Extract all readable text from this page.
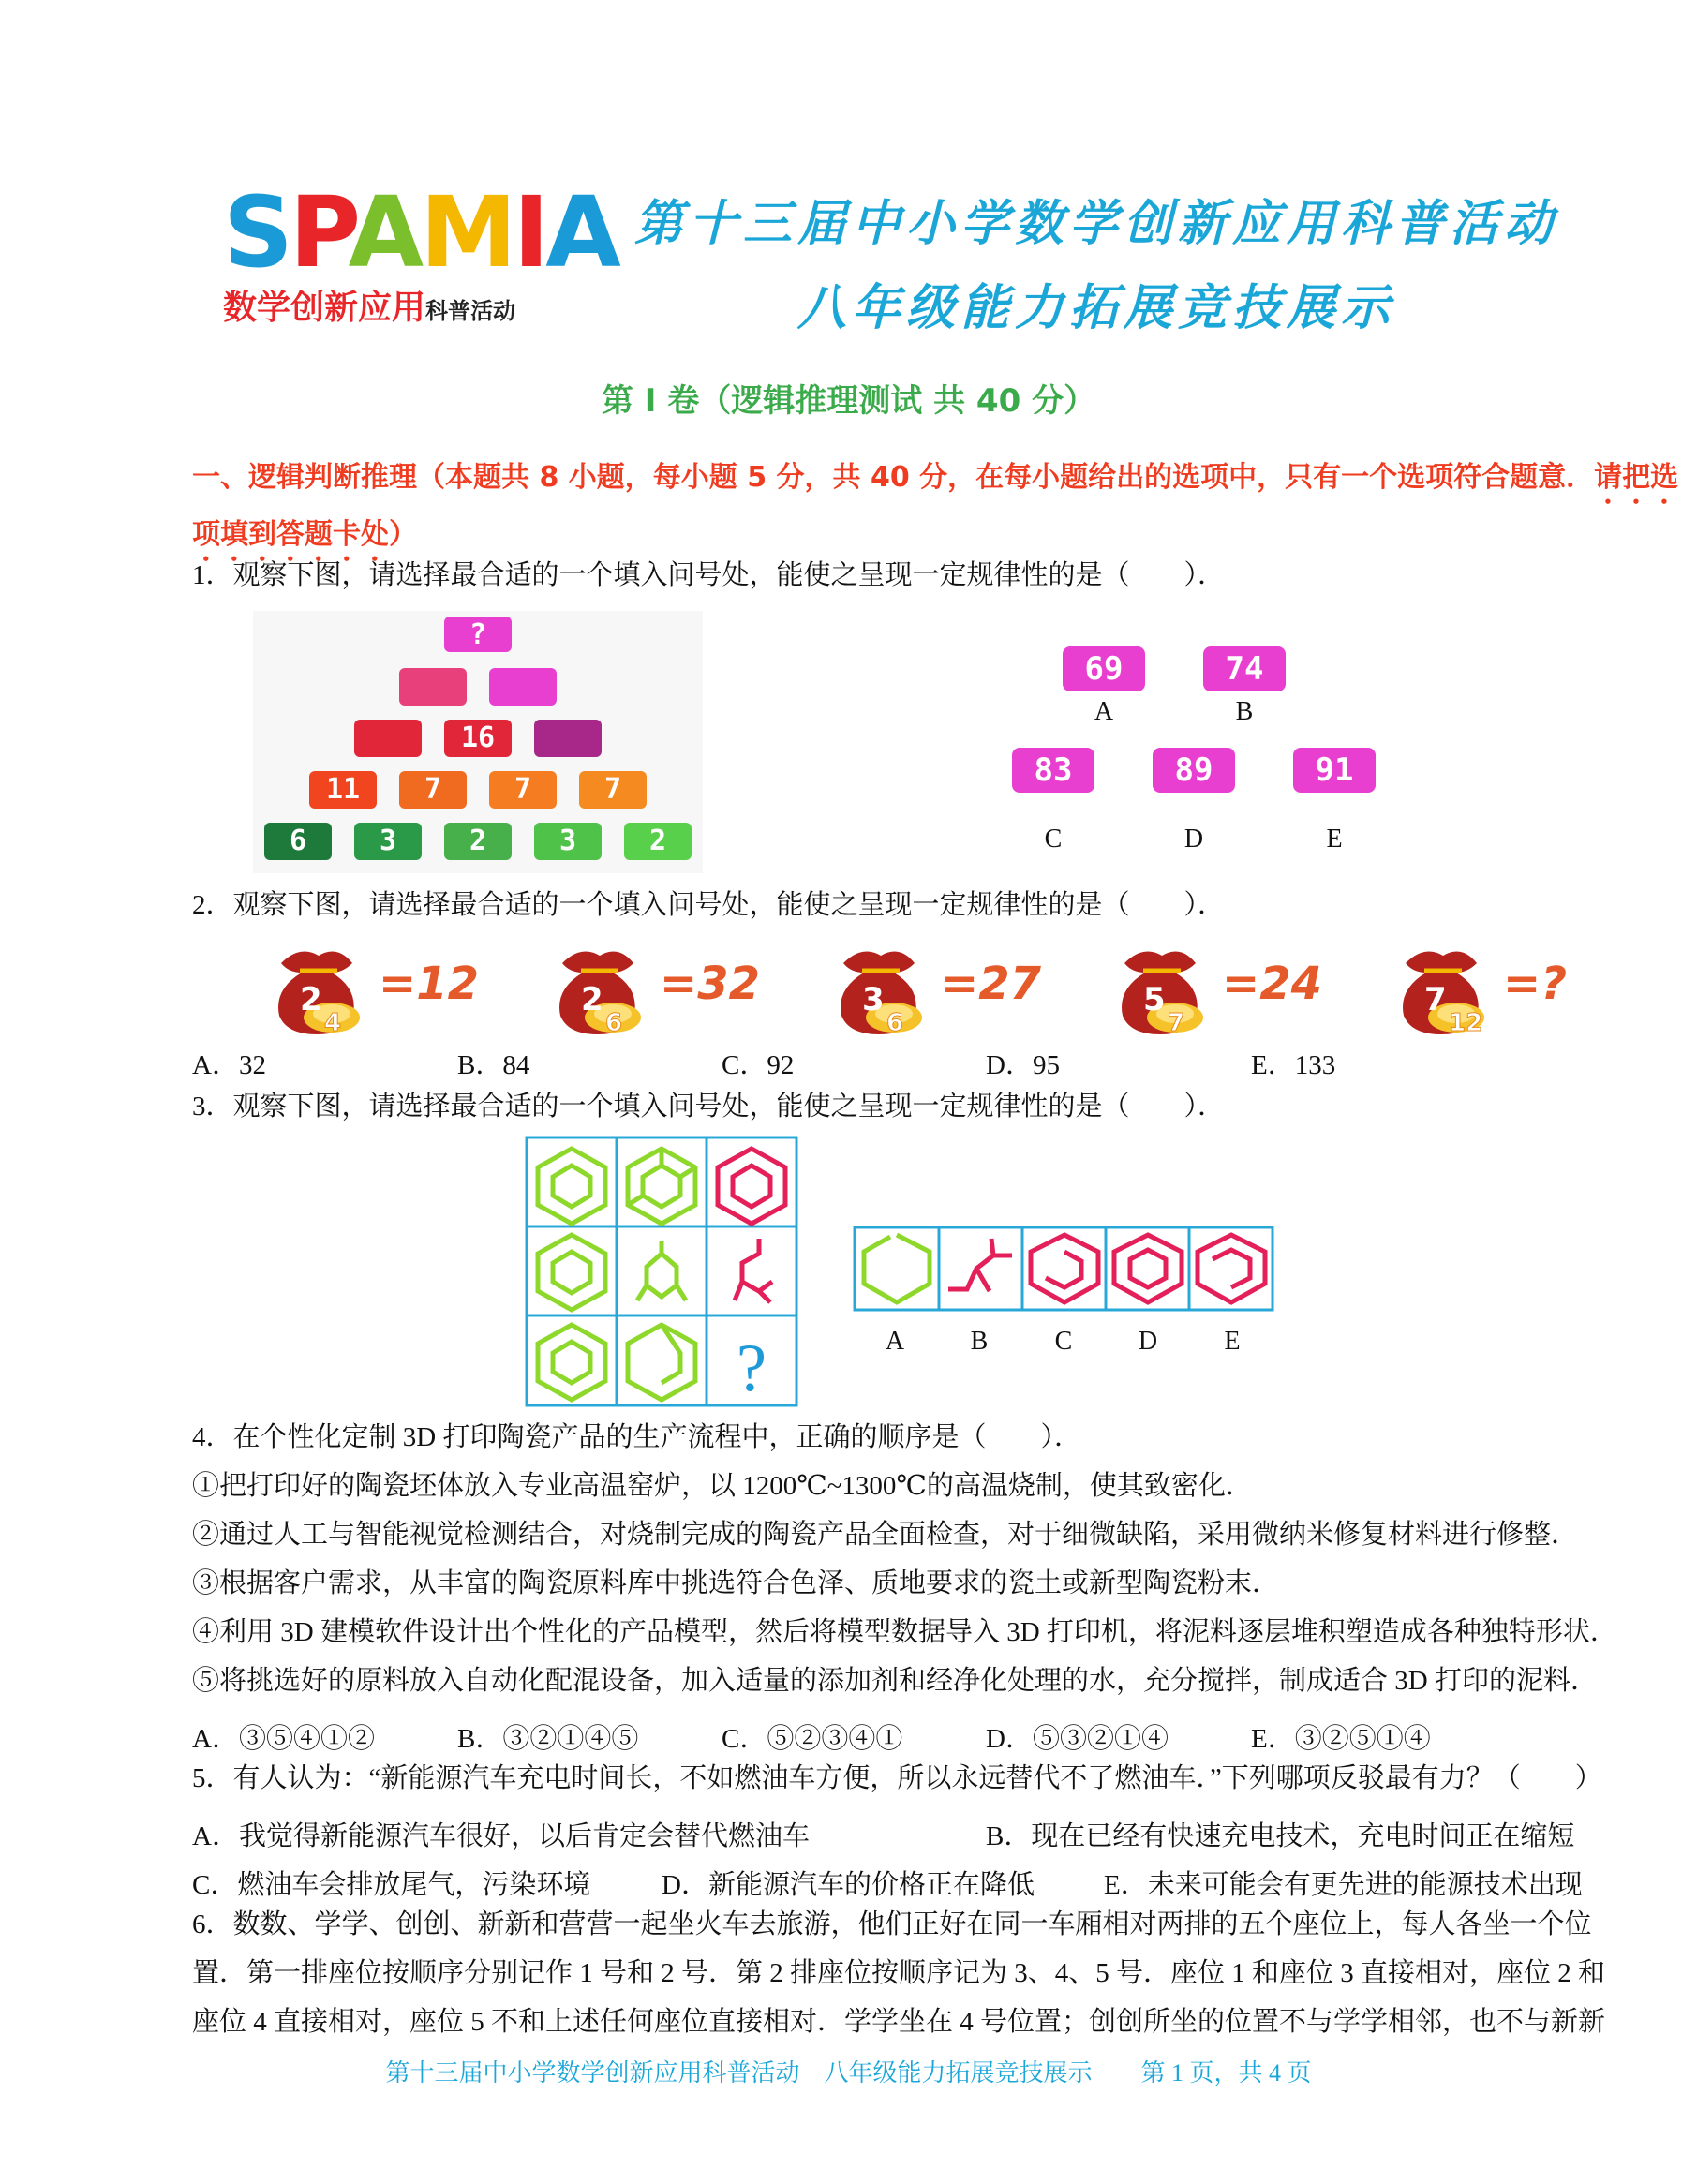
SPAMIA
数学创新应用科普活动
第十三届中小学数学创新应用科普活动
八年级能力拓展竞技展示
第 I 卷（逻辑推理测试 共 40 分）
一、逻辑判断推理（本题共 8 小题，每小题 5 分，共 40 分，在每小题给出的选项中，只有一个选项符合题意．请把选
项填到答题卡处）
1．观察下图，请选择最合适的一个填入问号处，能使之呈现一定规律性的是（　　）．
?
16
11	7	7	7
6	3	2	3	2
69
A
74
B
83
C
89
D
91
E
2．观察下图，请选择最合适的一个填入问号处，能使之呈现一定规律性的是（　　）．
2
4
=12	2
6
=32	3
6
=27	5
7
=24	7
12
=?
A．32	B．84	C．92	D．95	E．133
3．观察下图，请选择最合适的一个填入问号处，能使之呈现一定规律性的是（　　）．
?	A	B	C	D	E
4．在个性化定制 3D 打印陶瓷产品的生产流程中，正确的顺序是（　　）．
①把打印好的陶瓷坯体放入专业高温窑炉，以 1200℃~1300℃的高温烧制，使其致密化．
②通过人工与智能视觉检测结合，对烧制完成的陶瓷产品全面检查，对于细微缺陷，采用微纳米修复材料进行修整．
③根据客户需求，从丰富的陶瓷原料库中挑选符合色泽、质地要求的瓷土或新型陶瓷粉末．
④利用 3D 建模软件设计出个性化的产品模型，然后将模型数据导入 3D 打印机，将泥料逐层堆积塑造成各种独特形状．
⑤将挑选好的原料放入自动化配混设备，加入适量的添加剂和经净化处理的水，充分搅拌，制成适合 3D 打印的泥料．
A．③⑤④①②	B．③②①④⑤	C．⑤②③④①	D．⑤③②①④	E．③②⑤①④
5．有人认为：“新能源汽车充电时间长，不如燃油车方便，所以永远替代不了燃油车．”下列哪项反驳最有力？（　　）
A．我觉得新能源汽车很好，以后肯定会替代燃油车	B．现在已经有快速充电技术，充电时间正在缩短
C．燃油车会排放尾气，污染环境	D．新能源汽车的价格正在降低	E．未来可能会有更先进的能源技术出现
6．数数、学学、创创、新新和营营一起坐火车去旅游，他们正好在同一车厢相对两排的五个座位上，每人各坐一个位
置．第一排座位按顺序分别记作 1 号和 2 号．第 2 排座位按顺序记为 3、4、5 号．座位 1 和座位 3 直接相对，座位 2 和
座位 4 直接相对，座位 5 不和上述任何座位直接相对．学学坐在 4 号位置；创创所坐的位置不与学学相邻，也不与新新
第十三届中小学数学创新应用科普活动　八年级能力拓展竞技展示　　第 1 页，共 4 页
